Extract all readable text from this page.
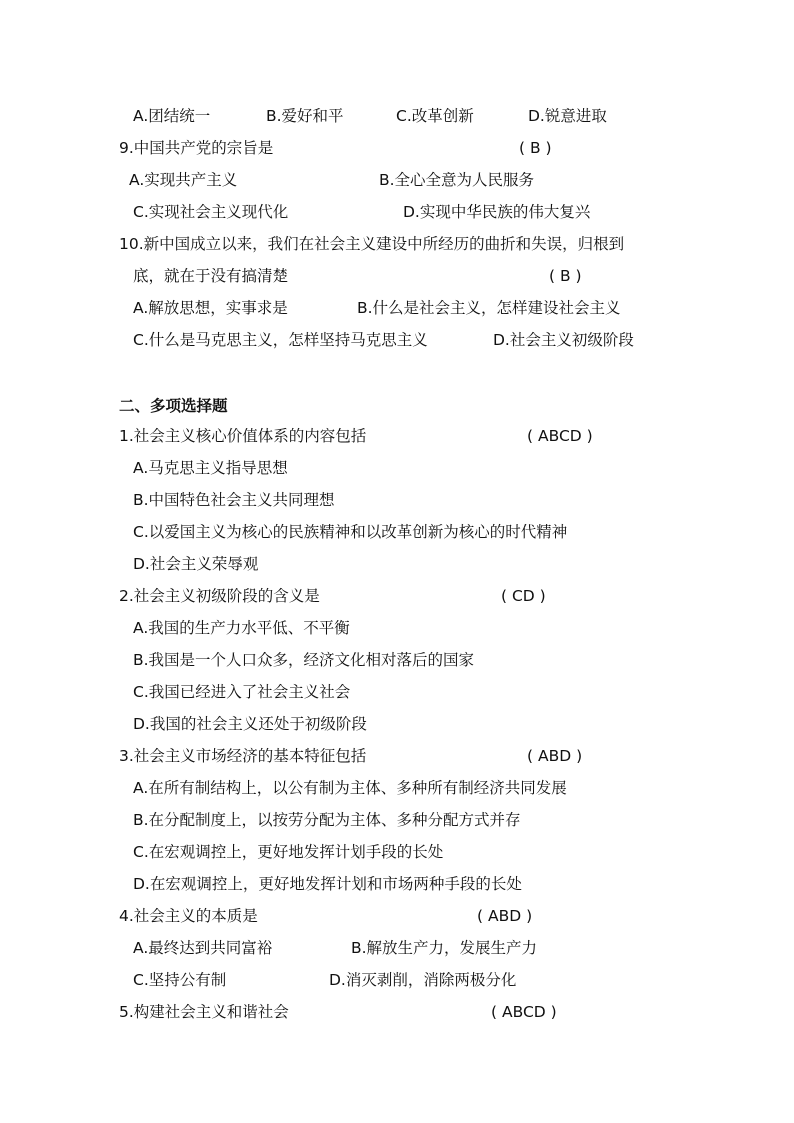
A.团结统一	B.爱好和平	C.改革创新	D.锐意进取
9.中国共产党的宗旨是	( B )
A.实现共产主义	B.全心全意为人民服务
C.实现社会主义现代化	D.实现中华民族的伟大复兴
10.新中国成立以来，我们在社会主义建设中所经历的曲折和失误，归根到
底，就在于没有搞清楚	( B )
A.解放思想，实事求是	B.什么是社会主义，怎样建设社会主义
C.什么是马克思主义，怎样坚持马克思主义	D.社会主义初级阶段
二、多项选择题
1.社会主义核心价值体系的内容包括	( ABCD )
A.马克思主义指导思想
B.中国特色社会主义共同理想
C.以爱国主义为核心的民族精神和以改革创新为核心的时代精神
D.社会主义荣辱观
2.社会主义初级阶段的含义是	( CD )
A.我国的生产力水平低、不平衡
B.我国是一个人口众多，经济文化相对落后的国家
C.我国已经进入了社会主义社会
D.我国的社会主义还处于初级阶段
3.社会主义市场经济的基本特征包括	( ABD )
A.在所有制结构上，以公有制为主体、多种所有制经济共同发展
B.在分配制度上，以按劳分配为主体、多种分配方式并存
C.在宏观调控上，更好地发挥计划手段的长处
D.在宏观调控上，更好地发挥计划和市场两种手段的长处
4.社会主义的本质是	( ABD )
A.最终达到共同富裕	B.解放生产力，发展生产力
C.坚持公有制	D.消灭剥削，消除两极分化
5.构建社会主义和谐社会	( ABCD )
